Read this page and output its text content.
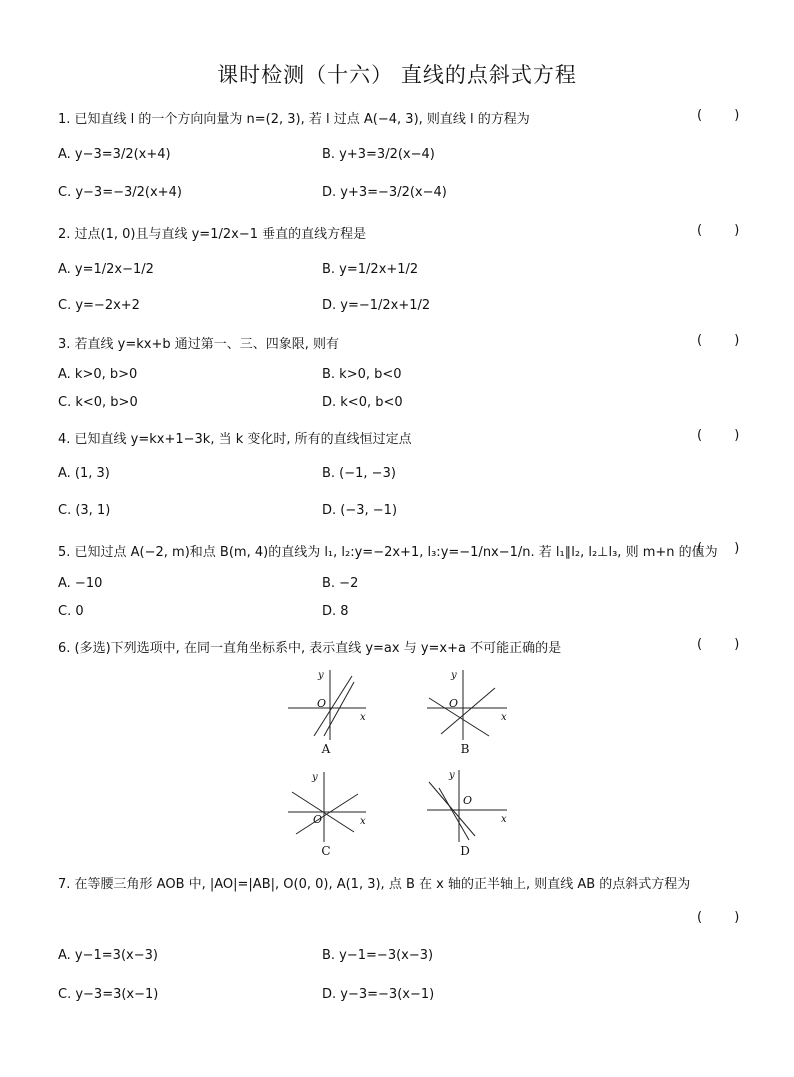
课时检测（十六） 直线的点斜式方程
1. 已知直线 l 的一个方向向量为 n=(2, 3), 若 l 过点 A(−4, 3), 则直线 l 的方程为	( )
A. y−3=3/2(x+4)	B. y+3=3/2(x−4)
C. y−3=−3/2(x+4)	D. y+3=−3/2(x−4)
2. 过点(1, 0)且与直线 y=1/2x−1 垂直的直线方程是	( )
A. y=1/2x−1/2	B. y=1/2x+1/2
C. y=−2x+2	D. y=−1/2x+1/2
3. 若直线 y=kx+b 通过第一、三、四象限, 则有	( )
A. k>0, b>0	B. k>0, b<0
C. k<0, b>0	D. k<0, b<0
4. 已知直线 y=kx+1−3k, 当 k 变化时, 所有的直线恒过定点	( )
A. (1, 3)	B. (−1, −3)
C. (3, 1)	D. (−3, −1)
5. 已知过点 A(−2, m)和点 B(m, 4)的直线为 l₁, l₂:y=−2x+1, l₃:y=−1/nx−1/n. 若 l₁∥l₂, l₂⊥l₃, 则 m+n 的值为
( )
A. −10	B. −2
C. 0	D. 8
6. (多选)下列选项中, 在同一直角坐标系中, 表示直线 y=ax 与 y=x+a 不可能正确的是	( )
y
x
O
A
y
x
O
B
y
x
O
C
y
x
O
D
7. 在等腰三角形 AOB 中, |AO|=|AB|, O(0, 0), A(1, 3), 点 B 在 x 轴的正半轴上, 则直线 AB 的点斜式方程为
( )
A. y−1=3(x−3)	B. y−1=−3(x−3)
C. y−3=3(x−1)	D. y−3=−3(x−1)
